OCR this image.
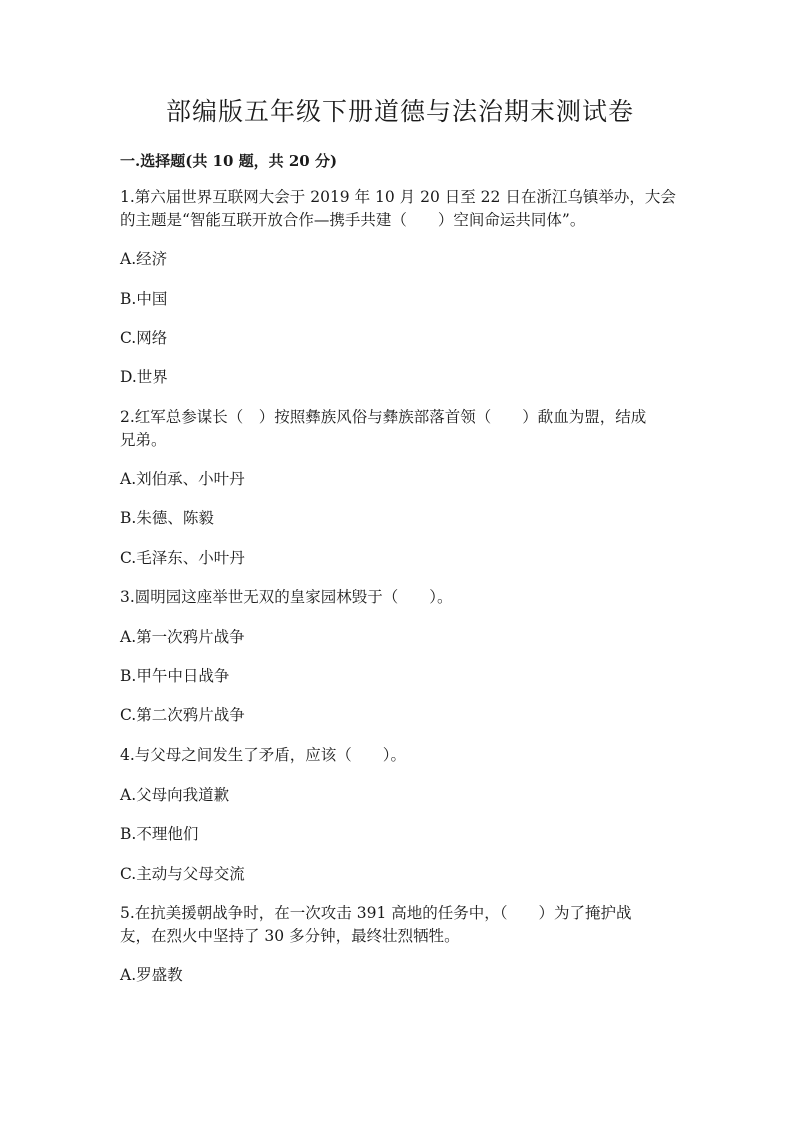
部编版五年级下册道德与法治期末测试卷
一.选择题(共 10 题，共 20 分)
1.第六届世界互联网大会于 2019 年 10 月 20 日至 22 日在浙江乌镇举办，大会
的主题是“智能互联开放合作—携手共建（　　）空间命运共同体”。
A.经济
B.中国
C.网络
D.世界
2.红军总参谋长（　）按照彝族风俗与彝族部落首领（　　）歃血为盟，结成
兄弟。
A.刘伯承、小叶丹
B.朱德、陈毅
C.毛泽东、小叶丹
3.圆明园这座举世无双的皇家园林毁于（　　）。
A.第一次鸦片战争
B.甲午中日战争
C.第二次鸦片战争
4.与父母之间发生了矛盾，应该（　　）。
A.父母向我道歉
B.不理他们
C.主动与父母交流
5.在抗美援朝战争时，在一次攻击 391 高地的任务中，（　　）为了掩护战
友，在烈火中坚持了 30 多分钟，最终壮烈牺牲。
A.罗盛教
